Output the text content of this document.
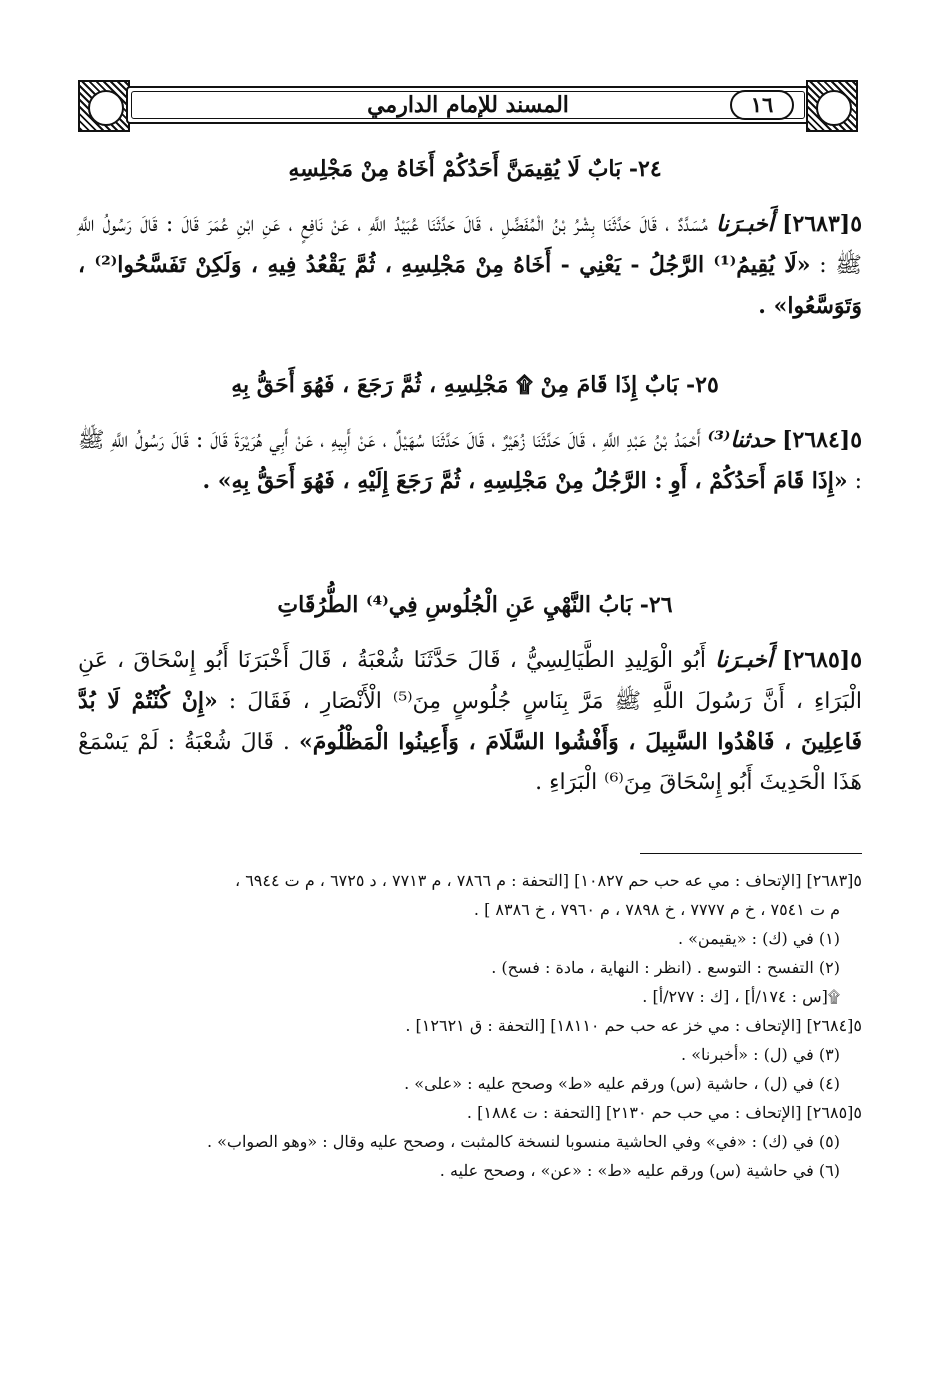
المسند للإمام الدارمي	١٦
٢٤- بَابٌ لَا يُقِيمَنَّ أَحَدُكُمْ أَخَاهُ مِنْ مَجْلِسِهِ

٥[٢٦٨٣] أَخبـرَنا مُسَدَّدٌ ، قَالَ حَدَّثَنَا بِشْرُ بْنُ الْمُفَضَّلِ ، قَالَ حَدَّثَنَا عُبَيْدُ اللَّهِ ، عَنْ نَافِعٍ ، عَنِ ابْنِ عُمَرَ قَالَ : قَالَ رَسُولُ اللَّهِ ﷺ : «لَا يُقِيمُ⁽¹⁾ الرَّجُلُ - يَعْنِي - أَخَاهُ مِنْ مَجْلِسِهِ ، ثُمَّ يَقْعُدُ فِيهِ ، وَلَكِنْ تَفَسَّحُوا⁽²⁾ ، وَتَوَسَّعُوا» .

٢٥- بَابٌ إِذَا قَامَ مِنْ ۩ مَجْلِسِهِ ، ثُمَّ رَجَعَ ، فَهُوَ أَحَقُّ بِهِ

٥[٢٦٨٤] حدثنا⁽³⁾ أَحْمَدُ بْنُ عَبْدِ اللَّهِ ، قَالَ حَدَّثَنَا زُهَيْرٌ ، قَالَ حَدَّثَنَا سُهَيْلٌ ، عَنْ أَبِيهِ ، عَنْ أَبِي هُرَيْرَةَ قَالَ : قَالَ رَسُولُ اللَّهِ ﷺ : «إِذَا قَامَ أَحَدُكُمْ ، أَوِ : الرَّجُلُ مِنْ مَجْلِسِهِ ، ثُمَّ رَجَعَ إِلَيْهِ ، فَهُوَ أَحَقُّ بِهِ» .

٢٦- بَابُ النَّهْيِ عَنِ الْجُلُوسِ فِي⁽⁴⁾ الطُّرُقَاتِ

٥[٢٦٨٥] أَخبـرَنا أَبُو الْوَلِيدِ الطَّيَالِسِيُّ ، قَالَ حَدَّثَنَا شُعْبَةُ ، قَالَ أَخْبَرَنَا أَبُو إِسْحَاقَ ، عَنِ الْبَرَاءِ ، أَنَّ رَسُولَ اللَّهِ ﷺ مَرَّ بِنَاسٍ جُلُوسٍ مِنَ⁽⁵⁾ الْأَنْصَارِ ، فَقَالَ : «إِنْ كُنْتُمْ لَا بُدَّ فَاعِلِينَ ، فَاهْدُوا السَّبِيلَ ، وَأَفْشُوا السَّلَامَ ، وَأَعِينُوا الْمَظْلُومَ» . قَالَ شُعْبَةُ : لَمْ يَسْمَعْ هَذَا الْحَدِيثَ أَبُو إِسْحَاقَ مِنَ⁽⁶⁾ الْبَرَاءِ .

٥[٢٦٨٣] [الإتحاف : مي عه حب حم ١٠٨٢٧] [التحفة : م ٧٨٦٦ ، م ٧٧١٣ ، د ٦٧٢٥ ، م ت ٦٩٤٤ ،
م ت ٧٥٤١ ، خ م ٧٧٧٧ ، خ ٧٨٩٨ ، م ٧٩٦٠ ، خ ٨٣٨٦ ] .
(١) في (ك) : «يقيمن» .
(٢) التفسح : التوسع . (انظر : النهاية ، مادة : فسح) .
۩[س : ١٧٤/أ] ، [ك : ٢٧٧/أ] .
٥[٢٦٨٤] [الإتحاف : مي خز عه حب حم ١٨١١٠] [التحفة : ق ١٢٦٢١] .
(٣) في (ل) : «أخبرنا» .
(٤) في (ل) ، حاشية (س) ورقم عليه «ط» وصحح عليه : «على» .
٥[٢٦٨٥] [الإتحاف : مي حب حم ٢١٣٠] [التحفة : ت ١٨٨٤] .
(٥) في (ك) : «في» وفي الحاشية منسوبا لنسخة كالمثبت ، وصحح عليه وقال : «وهو الصواب» .
(٦) في حاشية (س) ورقم عليه «ط» : «عن» ، وصحح عليه .
